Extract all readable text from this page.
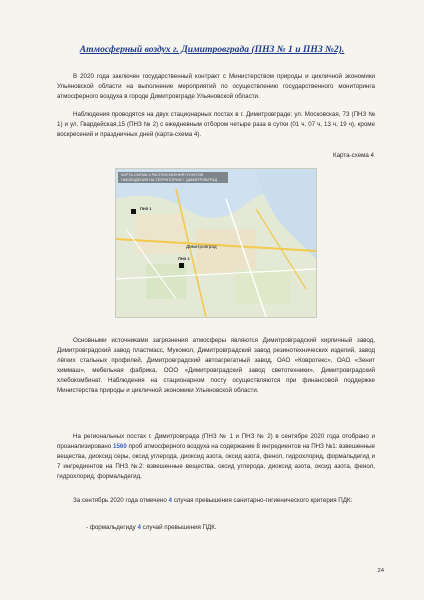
Атмосферный воздух г. Димитровграда (ПНЗ № 1 и ПНЗ №2).

В 2020 года заключен государственный контракт с Министерством природы и цикличной экономики Ульяновской области на выполнение мероприятий по осуществлению государственного мониторинга атмосферного воздуха в городе Димитровграде Ульяновской области.

Наблюдения проводятся на двух стационарных постах в г. Димитровграде: ул. Московская, 73 (ПНЗ № 1) и ул. Гвардейская,15 (ПНЗ № 2) с ежедневным отбором четыре раза в сутки (01 ч, 07 ч, 13 ч, 19 ч), кроме воскресений и праздничных дней (карта-схема 4).

Карта-схема 4
КАРТА-СХЕМА 4 РАСПОЛОЖЕНИЯ ПУНКТОВ НАБЛЮДЕНИЯ НА ТЕРРИТОРИИ Г. ДИМИТРОВГРАД
ПНЗ 1
ПНЗ 2
Димитровград

Основными источниками загрязнения атмосферы являются Димитровградский кирпичный завод, Димитровградский завод пластмасс, Мукомол, Димитровградский завод резинотехнических изделий, завод лёгких стальных профилей, Димитровградский автоагрегатный завод, ОАО «Ковротекс», ОАО «Зенит химмаш», мебельная фабрика, ООО «Димитровградский завод светотехники», Димитровградский хлебокомбинат. Наблюдения на стационарном посту осуществляются при финансовой поддержке Министерства природы и цикличной экономики Ульяновской области.

На региональных постах г. Димитровграда (ПНЗ № 1 и ПНЗ № 2) в сентябре 2020 года отобрано и проанализировано 1560 проб атмосферного воздуха на содержание 8 ингредиентов на ПНЗ №1: взвешенные вещества, диоксид серы, оксид углерода, диоксид азота, оксид азота, фенол, гидрохлорид, формальдегид и 7 ингредиентов на ПНЗ №2: взвешенные вещества, оксид углерода, диоксид азота, оксид азота, фенол, гидрохлорид, формальдегид.

За сентябрь 2020 года отмечено 4 случая превышения санитарно-гигиенического критерия ПДК:

- формальдегиду 4 случай превышения ПДК.
24
